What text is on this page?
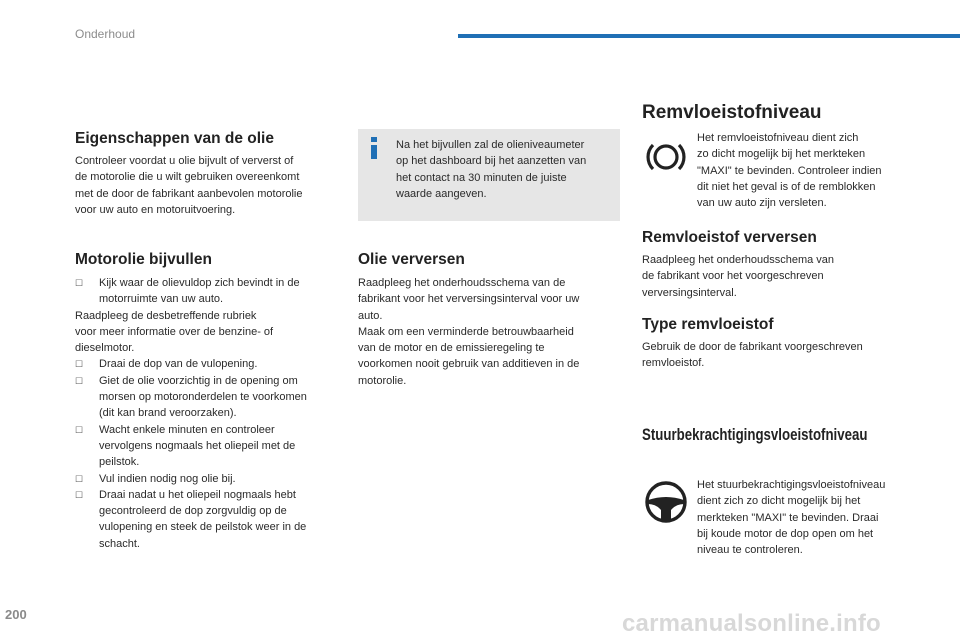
Onderhoud
Eigenschappen van de olie
Controleer voordat u olie bijvult of ververst of
de motorolie die u wilt gebruiken overeenkomt
met de door de fabrikant aanbevolen motorolie
voor uw auto en motoruitvoering.
Motorolie bijvullen
☐ Kijk waar de olievuldop zich bevindt in de
motorruimte van uw auto.
Raadpleeg de desbetreffende rubriek
voor meer informatie over de benzine- of
dieselmotor.
☐ Draai de dop van de vulopening.
☐ Giet de olie voorzichtig in de opening om
morsen op motoronderdelen te voorkomen
(dit kan brand veroorzaken).
☐ Wacht enkele minuten en controleer
vervolgens nogmaals het oliepeil met de
peilstok.
☐ Vul indien nodig nog olie bij.
☐ Draai nadat u het oliepeil nogmaals hebt
gecontroleerd de dop zorgvuldig op de
vulopening en steek de peilstok weer in de
schacht.
Na het bijvullen zal de olieniveaumeter
op het dashboard bij het aanzetten van
het contact na 30 minuten de juiste
waarde aangeven.
Olie verversen
Raadpleeg het onderhoudsschema van de
fabrikant voor het verversingsinterval voor uw
auto.
Maak om een verminderde betrouwbaarheid
van de motor en de emissieregeling te
voorkomen nooit gebruik van additieven in de
motorolie.
Remvloeistofniveau
Het remvloeistofniveau dient zich
zo dicht mogelijk bij het merkteken
"MAXI" te bevinden. Controleer indien
dit niet het geval is of de remblokken
van uw auto zijn versleten.
Remvloeistof verversen
Raadpleeg het onderhoudsschema van
de fabrikant voor het voorgeschreven
verversingsinterval.
Type remvloeistof
Gebruik de door de fabrikant voorgeschreven
remvloeistof.
Stuurbekrachtigingsvloeistofniveau
Het stuurbekrachtigingsvloeistofniveau
dient zich zo dicht mogelijk bij het
merkteken "MAXI" te bevinden. Draai
bij koude motor de dop open om het
niveau te controleren.
200	carmanualsonline.info
